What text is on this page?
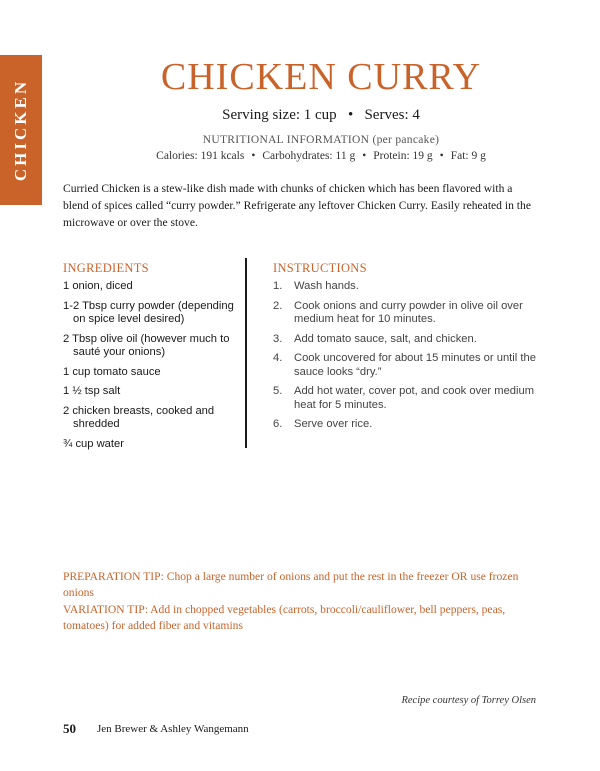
CHICKEN
CHICKEN CURRY
Serving size: 1 cup   •   Serves: 4
NUTRITIONAL INFORMATION (per pancake)
Calories: 191 kcals • Carbohydrates: 11 g • Protein: 19 g • Fat: 9 g

Curried Chicken is a stew-like dish made with chunks of chicken which has been flavored with a blend of spices called “curry powder.” Refrigerate any leftover Chicken Curry. Easily reheated in the microwave or over the stove.

INGREDIENTS
1 onion, diced
1-2 Tbsp curry powder (depending on spice level desired)
2 Tbsp olive oil (however much to sauté your onions)
1 cup tomato sauce
1 ½ tsp salt
2 chicken breasts, cooked and shredded
¾ cup water
INSTRUCTIONS
1. Wash hands.
2. Cook onions and curry powder in olive oil over medium heat for 10 minutes.
3. Add tomato sauce, salt, and chicken.
4. Cook uncovered for about 15 minutes or until the sauce looks “dry.”
5. Add hot water, cover pot, and cook over medium heat for 5 minutes.
6. Serve over rice.

PREPARATION TIP: Chop a large number of onions and put the rest in the freezer OR use frozen onions

VARIATION TIP: Add in chopped vegetables (carrots, broccoli/cauliflower, bell peppers, peas, tomatoes) for added fiber and vitamins

Recipe courtesy of Torrey Olsen
50 Jen Brewer & Ashley Wangemann
